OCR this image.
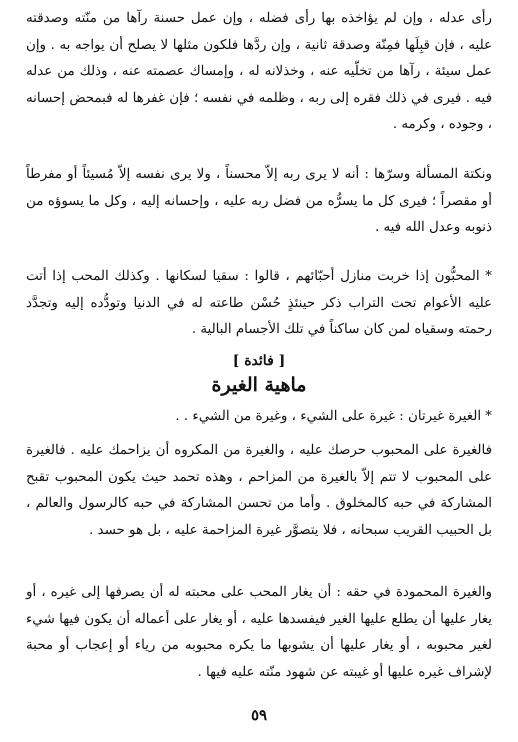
رأى عدله ، وإن لم يؤاخذه بها رأى فضله ، وإن عمل حسنة رآها من منّته وصدقته عليه ، فإن قبِلَها فمِنّة وصدقة ثانية ، وإن ردَّها فلكون مثلها لا يصلح أن يواجه به . وإن عمل سيئة ، رآها من تخلّيه عنه ، وخذلانه له ، وإمساك عصمته عنه ، وذلك من عدله فيه . فيرى في ذلك فقره إلى ربه ، وظلمه في نفسه ؛ فإن غفرها له فبمحض إحسانه ، وجوده ، وكرمه .
ونكتة المسألة وسرّها : أنه لا يرى ربه إلاّ محسناً ، ولا يرى نفسه إلاّ مُسيئاً أو مفرطاً أو مقصراً ؛ فيرى كل ما يسرُّه من فضل ربه عليه ، وإحسانه إليه ، وكل ما يسوؤه من ذنوبه وعدل الله فيه .
* المحبُّون إذا خربت منازل أحبّائهم ، قالوا : سقيا لسكانها . وكذلك المحب إذا أتت عليه الأعوام تحت التراب ذكر حينئذٍ حُسْن طاعته له في الدنيا وتودُّده إليه وتجدَّد رحمته وسقياه لمن كان ساكناً في تلك الأجسام البالية .
[ فائدة ]
ماهية الغيرة
* الغيرة غيرتان : غيرة على الشيء ، وغيرة من الشيء . .
فالغيرة على المحبوب حرصك عليه ، والغيرة من المكروه أن يزاحمك عليه . فالغيرة على المحبوب لا تتم إلاّ بالغيرة من المزاحم ، وهذه تحمد حيث يكون المحبوب تقبح المشاركة في حبه كالمخلوق . وأما من تحسن المشاركة في حبه كالرسول والعالم ، بل الحبيب القريب سبحانه ، فلا يتصوَّر غيرة المزاحمة عليه ، بل هو حسد .
والغيرة المحمودة في حقه : أن يغار المحب على محبته له أن يصرفها إلى غيره ، أو يغار عليها أن يطلع عليها الغير فيفسدها عليه ، أو يغار على أعماله أن يكون فيها شيء لغير محبوبه ، أو يغار عليها أن يشوبها ما يكره محبوبه من رياء أو إعجاب أو محبة لإشراف غيره عليها أو غيبته عن شهود منّته عليه فيها .
٥٩
